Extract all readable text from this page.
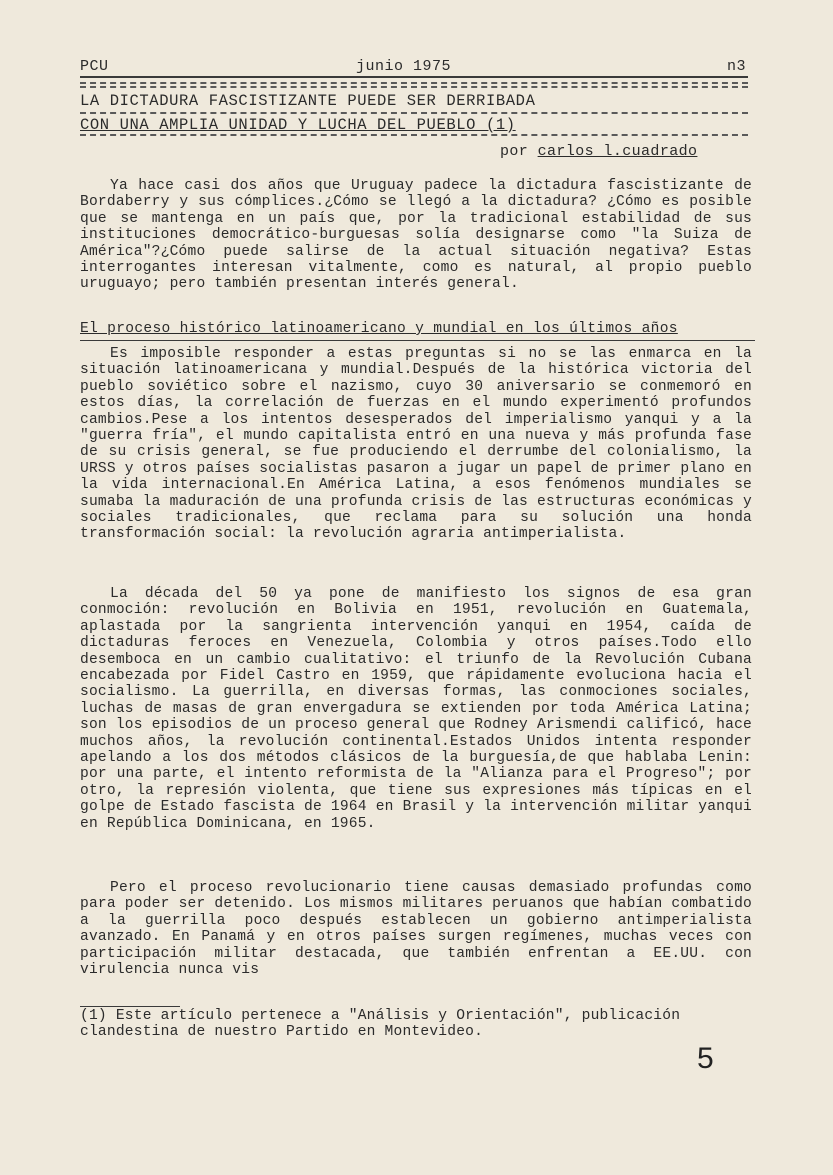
PCU	junio 1975	n3
LA DICTADURA FASCISTIZANTE PUEDE SER DERRIBADA
CON UNA AMPLIA UNIDAD Y LUCHA DEL PUEBLO (1)
por carlos l.cuadrado
Ya hace casi dos años que Uruguay padece la dictadura fascistizante de Bordaberry y sus cómplices.¿Cómo se llegó a la dictadura? ¿Cómo es posible que se mantenga en un país que, por la tradicional estabilidad de sus instituciones democrático-burguesas solía designarse como "la Suiza de América"?¿Cómo puede salirse de la actual situación negativa? Estas interrogantes interesan vitalmente, como es natural, al propio pueblo uruguayo; pero también presentan interés general.
El proceso histórico latinoamericano y mundial en los últimos años
Es imposible responder a estas preguntas si no se las enmarca en la situación latinoamericana y mundial.Después de la histórica victoria del pueblo soviético sobre el nazismo, cuyo 30 aniversario se conmemoró en estos días, la correlación de fuerzas en el mundo experimentó profundos cambios.Pese a los intentos desesperados del imperialismo yanqui y a la "guerra fría", el mundo capitalista entró en una nueva y más profunda fase de su crisis general, se fue produciendo el derrumbe del colonialismo, la URSS y otros países socialistas pasaron a jugar un papel de primer plano en la vida internacional.En América Latina, a esos fenómenos mundiales se sumaba la maduración de una profunda crisis de las estructuras económicas y sociales tradicionales, que reclama para su solución una honda transformación social: la revolución agraria antimperialista.
La década del 50 ya pone de manifiesto los signos de esa gran conmoción: revolución en Bolivia en 1951, revolución en Guatemala, aplastada por la sangrienta intervención yanqui en 1954, caída de dictaduras feroces en Venezuela, Colombia y otros países.Todo ello desemboca en un cambio cualitativo: el triunfo de la Revolución Cubana encabezada por Fidel Castro en 1959, que rápidamente evoluciona hacia el socialismo. La guerrilla, en diversas formas, las conmociones sociales, luchas de masas de gran envergadura se extienden por toda América Latina; son los episodios de un proceso general que Rodney Arismendi calificó, hace muchos años, la revolución continental.Estados Unidos intenta responder apelando a los dos métodos clásicos de la burguesía,de que hablaba Lenin: por una parte, el intento reformista de la "Alianza para el Progreso"; por otro, la represión violenta, que tiene sus expresiones más típicas en el golpe de Estado fascista de 1964 en Brasil y la intervención militar yanqui en República Dominicana, en 1965.
Pero el proceso revolucionario tiene causas demasiado profundas como para poder ser detenido. Los mismos militares peruanos que habían combatido a la guerrilla poco después establecen un gobierno antimperialista avanzado. En Panamá y en otros países surgen regímenes, muchas veces con participación militar destacada, que también enfrentan a EE.UU. con virulencia nunca vis
(1) Este artículo pertenece a "Análisis y Orientación", publicación clandestina de nuestro Partido en Montevideo.
5
